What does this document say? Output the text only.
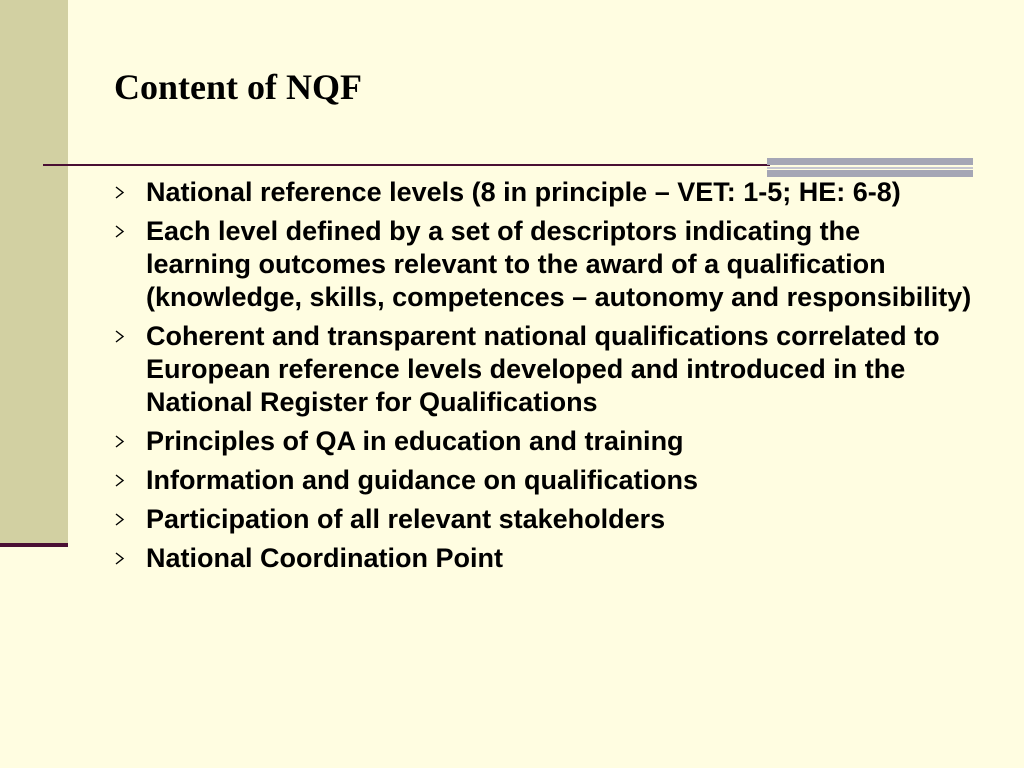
Content of NQF
National reference levels (8 in principle – VET: 1-5; HE: 6-8)
Each level defined by a set of descriptors indicating the learning outcomes relevant to the award of a qualification (knowledge, skills, competences – autonomy and responsibility)
Coherent and transparent national qualifications correlated to European reference levels developed and introduced in the National Register for Qualifications
Principles of QA in education and training
Information and guidance on qualifications
Participation of all relevant stakeholders
National Coordination Point
